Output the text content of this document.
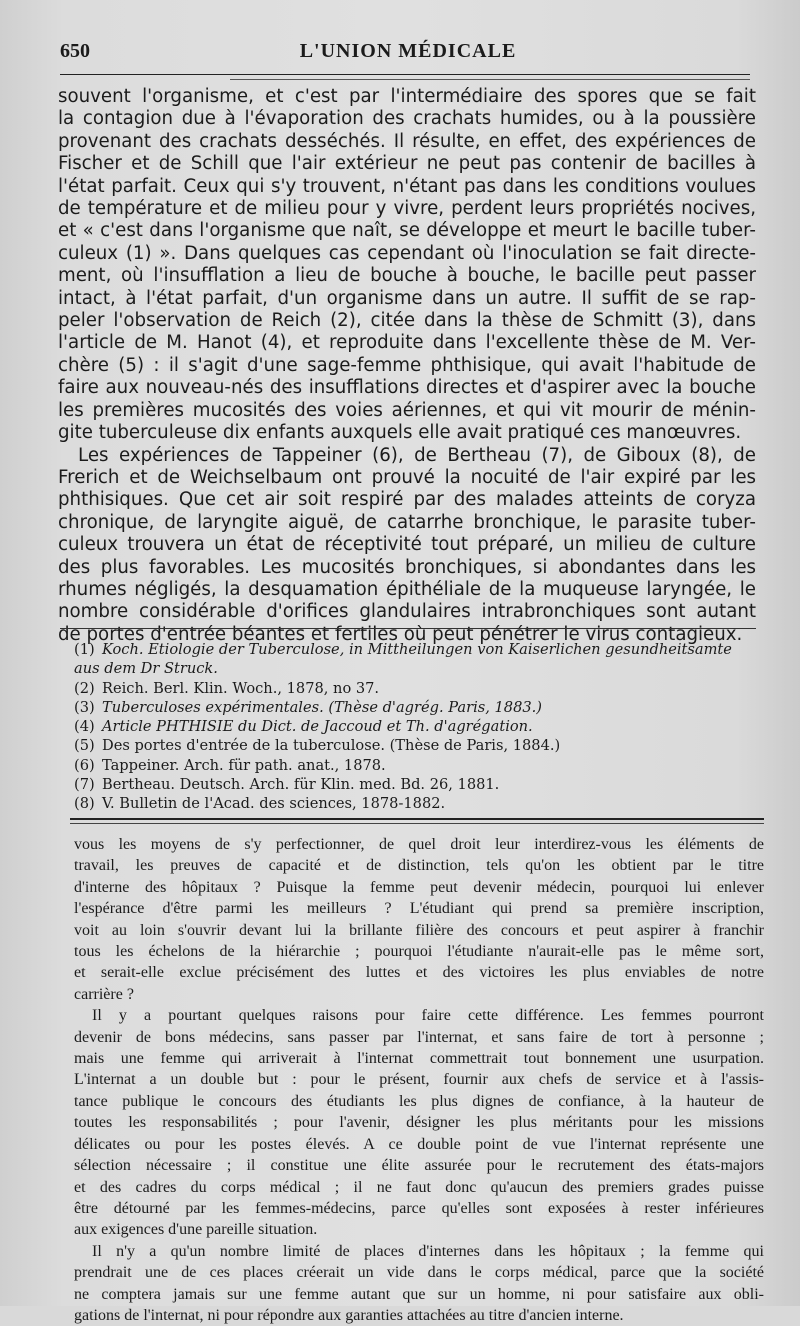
650	L'UNION MÉDICALE
souvent l'organisme, et c'est par l'intermédiaire des spores que se fait
la contagion due à l'évaporation des crachats humides, ou à la poussière
provenant des crachats desséchés. Il résulte, en effet, des expériences de
Fischer et de Schill que l'air extérieur ne peut pas contenir de bacilles à
l'état parfait. Ceux qui s'y trouvent, n'étant pas dans les conditions voulues
de température et de milieu pour y vivre, perdent leurs propriétés nocives,
et « c'est dans l'organisme que naît, se développe et meurt le bacille tuber-
culeux (1) ». Dans quelques cas cependant où l'inoculation se fait directe-
ment, où l'insufflation a lieu de bouche à bouche, le bacille peut passer
intact, à l'état parfait, d'un organisme dans un autre. Il suffit de se rap-
peler l'observation de Reich (2), citée dans la thèse de Schmitt (3), dans
l'article de M. Hanot (4), et reproduite dans l'excellente thèse de M. Ver-
chère (5) : il s'agit d'une sage-femme phthisique, qui avait l'habitude de
faire aux nouveau-nés des insufflations directes et d'aspirer avec la bouche
les premières mucosités des voies aériennes, et qui vit mourir de ménin-
gite tuberculeuse dix enfants auxquels elle avait pratiqué ces manœuvres.
Les expériences de Tappeiner (6), de Bertheau (7), de Giboux (8), de
Frerich et de Weichselbaum ont prouvé la nocuité de l'air expiré par les
phthisiques. Que cet air soit respiré par des malades atteints de coryza
chronique, de laryngite aiguë, de catarrhe bronchique, le parasite tuber-
culeux trouvera un état de réceptivité tout préparé, un milieu de culture
des plus favorables. Les mucosités bronchiques, si abondantes dans les
rhumes négligés, la desquamation épithéliale de la muqueuse laryngée, le
nombre considérable d'orifices glandulaires intrabronchiques sont autant
de portes d'entrée béantes et fertiles où peut pénétrer le virus contagieux.
(1) Koch. Etiologie der Tuberculose, in Mittheilungen von Kaiserlichen gesundheitsamte
aus dem Dr Struck.
(2) Reich. Berl. Klin. Woch., 1878, no 37.
(3) Tuberculoses expérimentales. (Thèse d'agrég. Paris, 1883.)
(4) Article PHTHISIE du Dict. de Jaccoud et Th. d'agrégation.
(5) Des portes d'entrée de la tuberculose. (Thèse de Paris, 1884.)
(6) Tappeiner. Arch. für path. anat., 1878.
(7) Bertheau. Deutsch. Arch. für Klin. med. Bd. 26, 1881.
(8) V. Bulletin de l'Acad. des sciences, 1878-1882.
vous les moyens de s'y perfectionner, de quel droit leur interdirez-vous les éléments de
travail, les preuves de capacité et de distinction, tels qu'on les obtient par le titre
d'interne des hôpitaux ? Puisque la femme peut devenir médecin, pourquoi lui enlever
l'espérance d'être parmi les meilleurs ? L'étudiant qui prend sa première inscription,
voit au loin s'ouvrir devant lui la brillante filière des concours et peut aspirer à franchir
tous les échelons de la hiérarchie ; pourquoi l'étudiante n'aurait-elle pas le même sort,
et serait-elle exclue précisément des luttes et des victoires les plus enviables de notre
carrière ?
Il y a pourtant quelques raisons pour faire cette différence. Les femmes pourront
devenir de bons médecins, sans passer par l'internat, et sans faire de tort à personne ;
mais une femme qui arriverait à l'internat commettrait tout bonnement une usurpation.
L'internat a un double but : pour le présent, fournir aux chefs de service et à l'assis-
tance publique le concours des étudiants les plus dignes de confiance, à la hauteur de
toutes les responsabilités ; pour l'avenir, désigner les plus méritants pour les missions
délicates ou pour les postes élevés. A ce double point de vue l'internat représente une
sélection nécessaire ; il constitue une élite assurée pour le recrutement des états-majors
et des cadres du corps médical ; il ne faut donc qu'aucun des premiers grades puisse
être détourné par les femmes-médecins, parce qu'elles sont exposées à rester inférieures
aux exigences d'une pareille situation.
Il n'y a qu'un nombre limité de places d'internes dans les hôpitaux ; la femme qui
prendrait une de ces places créerait un vide dans le corps médical, parce que la société
ne comptera jamais sur une femme autant que sur un homme, ni pour satisfaire aux obli-
gations de l'internat, ni pour répondre aux garanties attachées au titre d'ancien interne.
